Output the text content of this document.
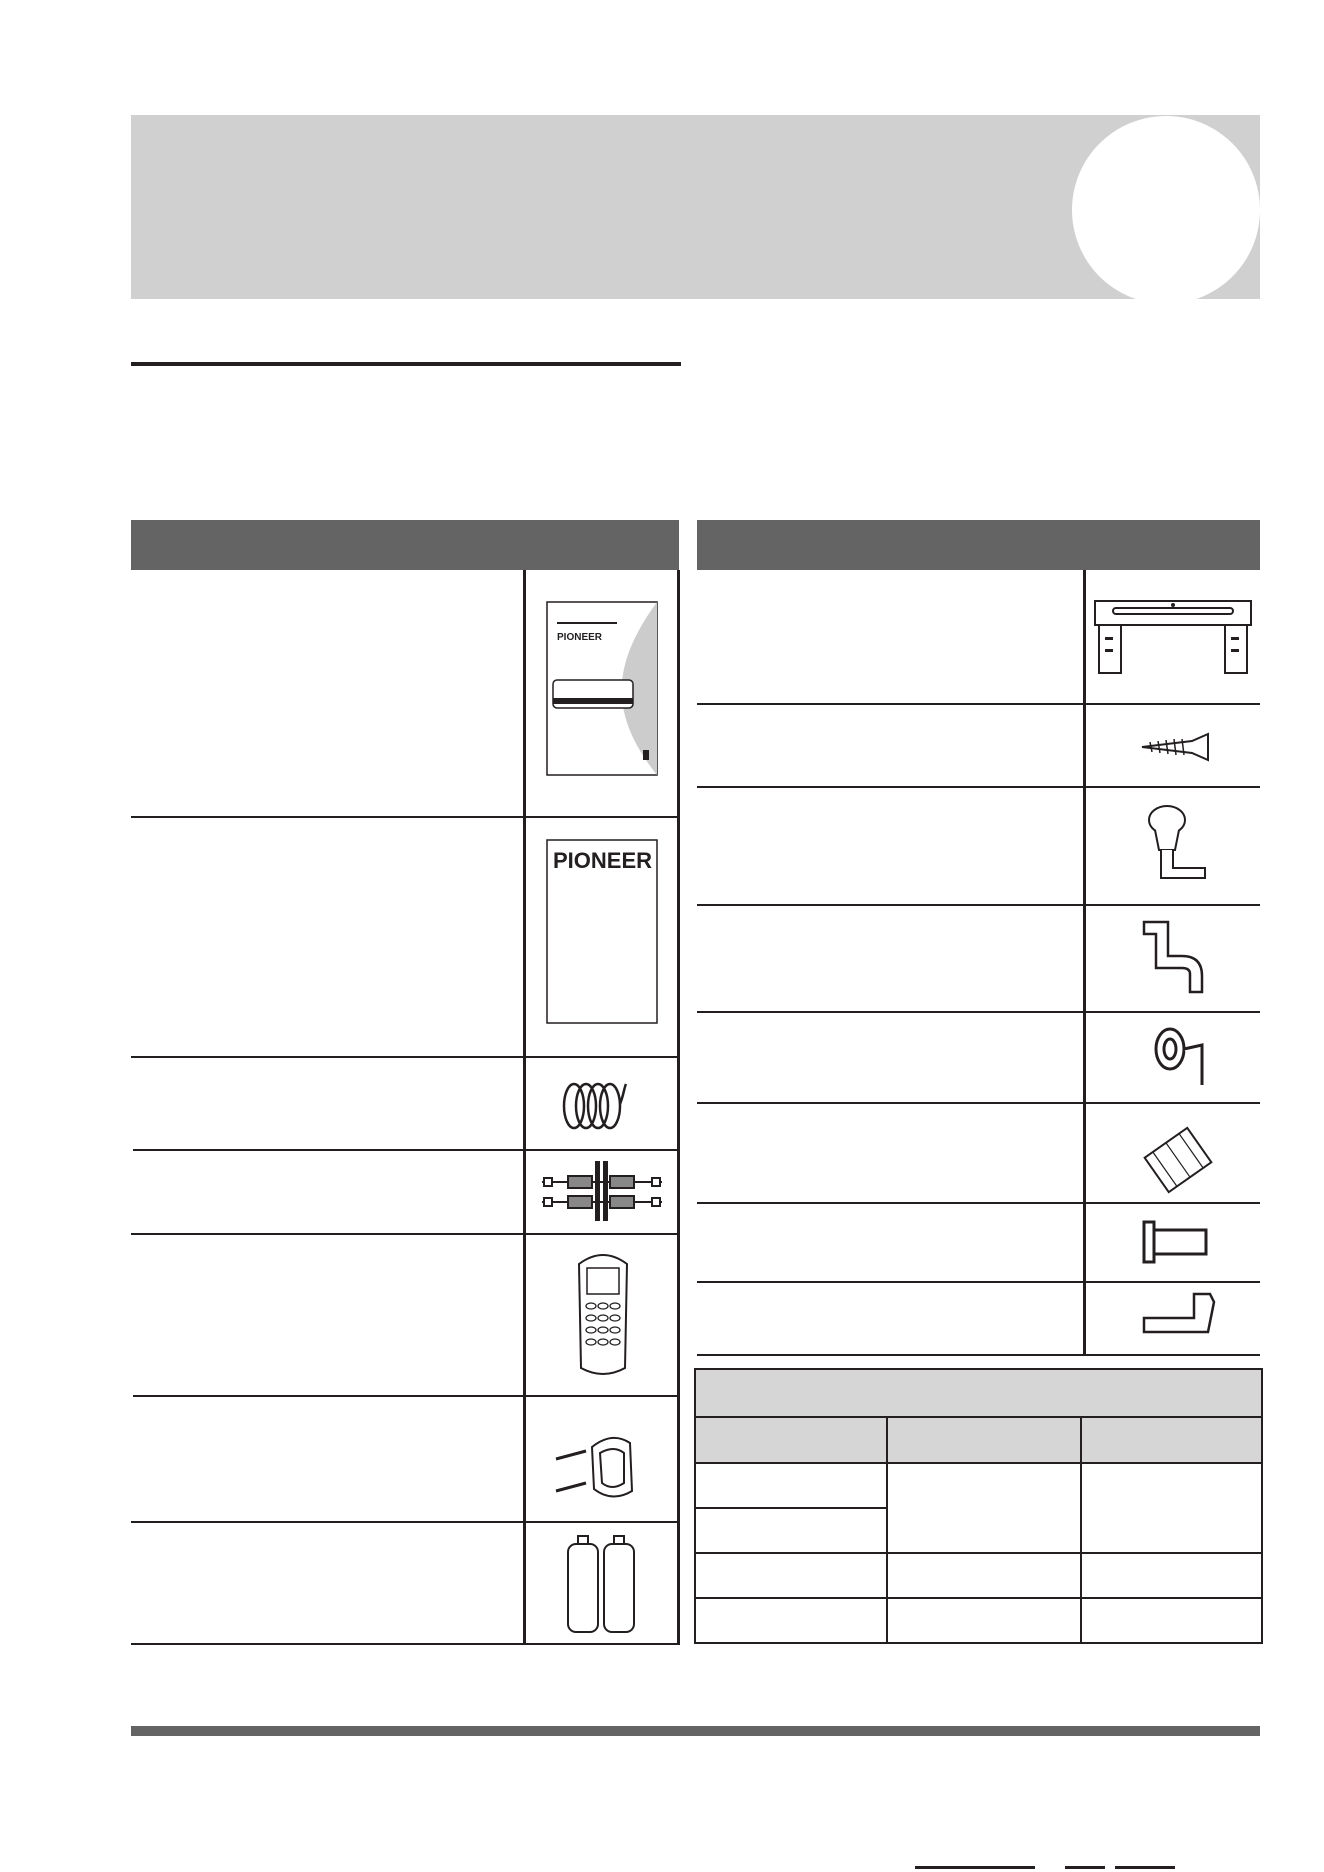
PIONEER
PIONEER
